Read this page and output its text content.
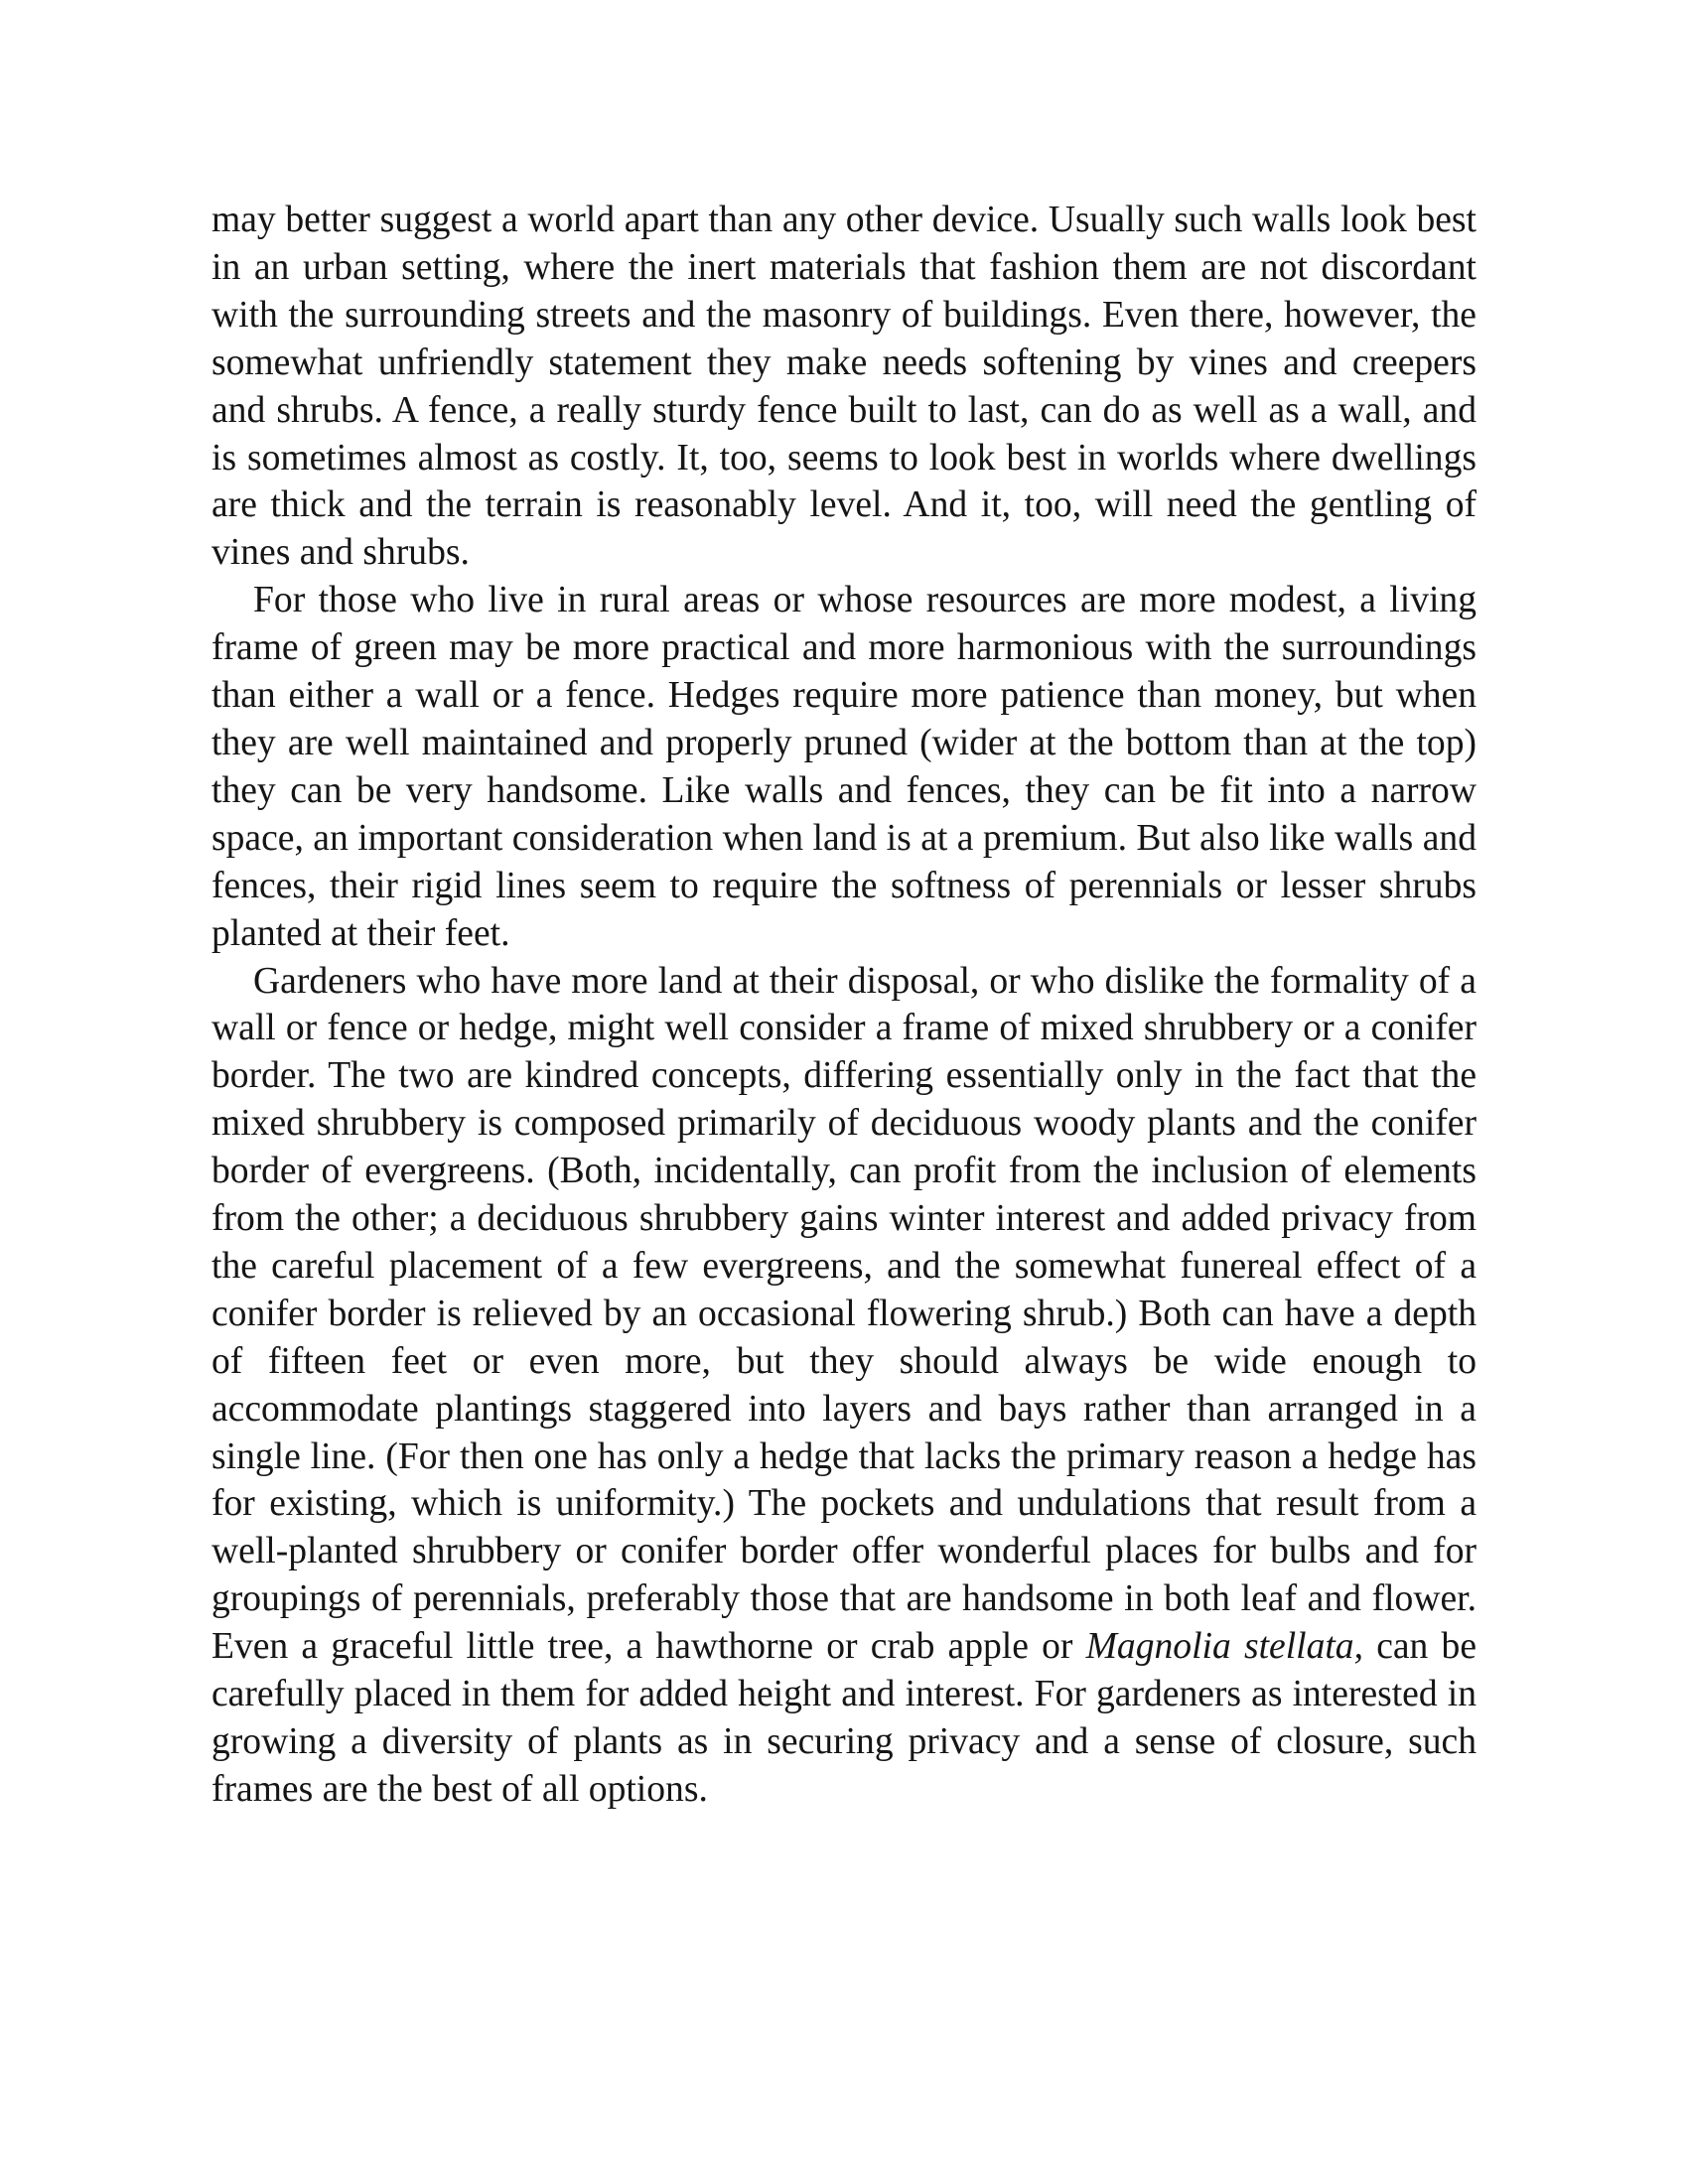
may better suggest a world apart than any other device. Usually such walls look best in an urban setting, where the inert materials that fashion them are not discordant with the surrounding streets and the masonry of buildings. Even there, however, the somewhat unfriendly statement they make needs softening by vines and creepers and shrubs. A fence, a really sturdy fence built to last, can do as well as a wall, and is sometimes almost as costly. It, too, seems to look best in worlds where dwellings are thick and the terrain is reasonably level. And it, too, will need the gentling of vines and shrubs.

For those who live in rural areas or whose resources are more modest, a living frame of green may be more practical and more harmonious with the surroundings than either a wall or a fence. Hedges require more patience than money, but when they are well maintained and properly pruned (wider at the bottom than at the top) they can be very handsome. Like walls and fences, they can be fit into a narrow space, an important consideration when land is at a premium. But also like walls and fences, their rigid lines seem to require the softness of perennials or lesser shrubs planted at their feet.

Gardeners who have more land at their disposal, or who dislike the formality of a wall or fence or hedge, might well consider a frame of mixed shrubbery or a conifer border. The two are kindred concepts, differing essentially only in the fact that the mixed shrubbery is composed primarily of deciduous woody plants and the conifer border of evergreens. (Both, incidentally, can profit from the inclusion of elements from the other; a deciduous shrubbery gains winter interest and added privacy from the careful placement of a few evergreens, and the somewhat funereal effect of a conifer border is relieved by an occasional flowering shrub.) Both can have a depth of fifteen feet or even more, but they should always be wide enough to accommodate plantings staggered into layers and bays rather than arranged in a single line. (For then one has only a hedge that lacks the primary reason a hedge has for existing, which is uniformity.) The pockets and undulations that result from a well-planted shrubbery or conifer border offer wonderful places for bulbs and for groupings of perennials, preferably those that are handsome in both leaf and flower. Even a graceful little tree, a hawthorne or crab apple or Magnolia stellata, can be carefully placed in them for added height and interest. For gardeners as interested in growing a diversity of plants as in securing privacy and a sense of closure, such frames are the best of all options.
